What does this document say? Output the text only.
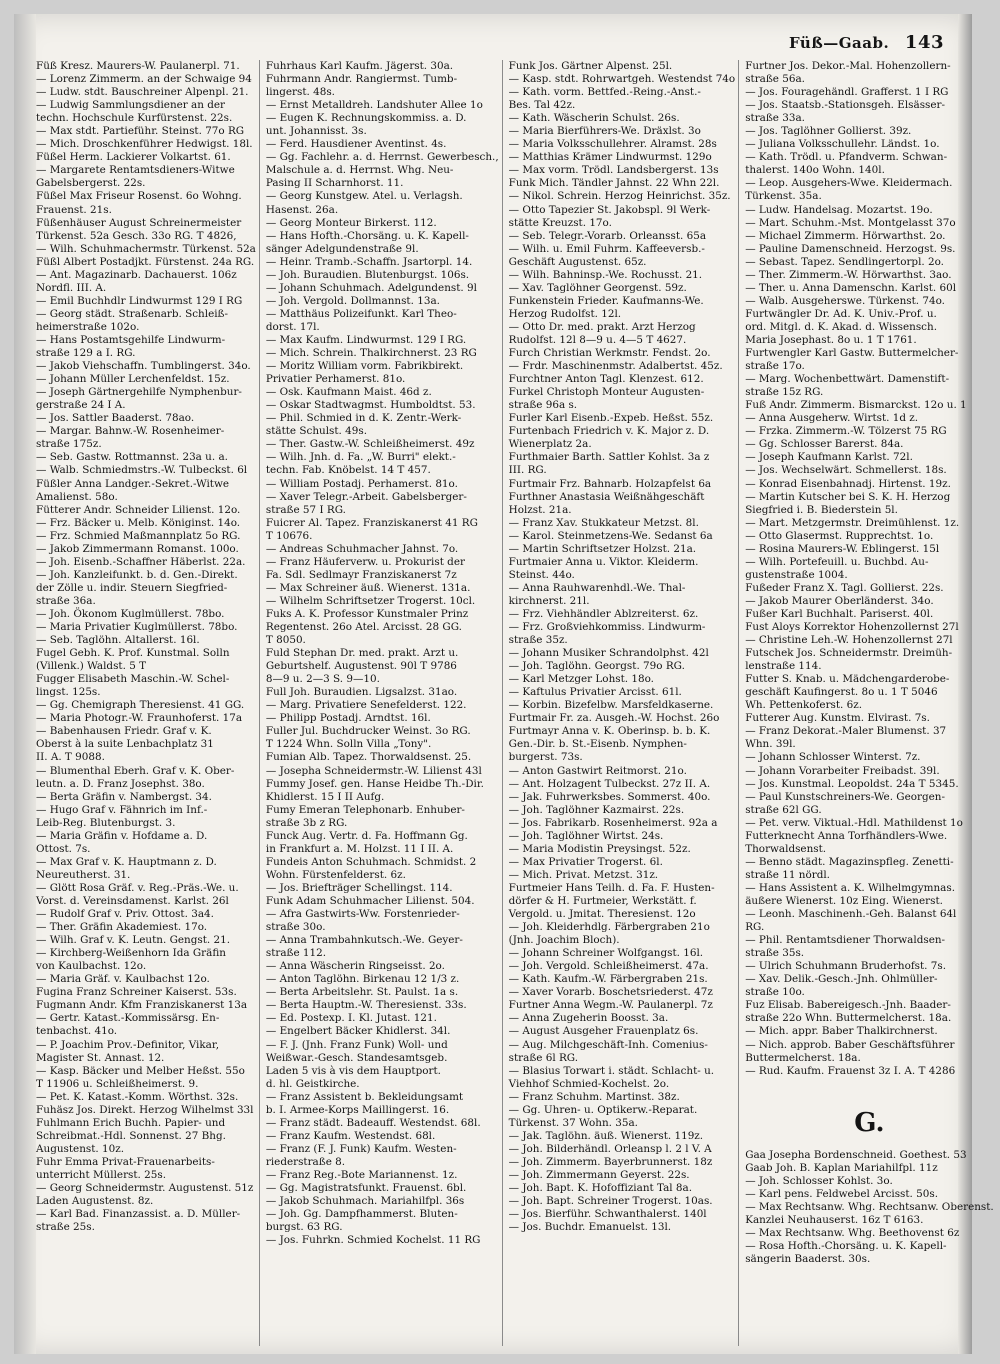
Füß—Gaab. 143
Füß Kresz. Maurers-W. Paulanerpl. 71.
— Lorenz Zimmerm. an der Schwaige 94
— Ludw. stdt. Bauschreiner Alpenpl. 21.
— Ludwig Sammlungsdiener an der
techn. Hochschule Kurfürstenst. 22s.
— Max stdt. Partieführ. Steinst. 77o RG
— Mich. Droschkenführer Hedwigst. 18l.
Füßel Herm. Lackierer Volkartst. 61.
— Margarete Rentamtsdieners-Witwe
Gabelsbergerst. 22s.
Füßel Max Friseur Rosenst. 6o Wohng.
Frauenst. 21s.
Füßenhäuser August Schreinermeister
Türkenst. 52a Gesch. 33o RG. T 4826,
— Wilh. Schuhmachermstr. Türkenst. 52a
Füßl Albert Postadjkt. Fürstenst. 24a RG.
— Ant. Magazinarb. Dachauerst. 106z
Nordfl. III. A.
— Emil Buchhdlr Lindwurmst 129 I RG
— Georg städt. Straßenarb. Schleiß-
heimerstraße 102o.
— Hans Postamtsgehilfe Lindwurm-
straße 129 a I. RG.
— Jakob Viehschaffn. Tumblingerst. 34o.
— Johann Müller Lerchenfeldst. 15z.
— Joseph Gärtnergehilfe Nymphenbur-
gerstraße 24 I A.
— Jos. Sattler Baaderst. 78ao.
— Margar. Bahnw.-W. Rosenheimer-
straße 175z.
— Seb. Gastw. Rottmannst. 23a u. a.
— Walb. Schmiedmstrs.-W. Tulbeckst. 6l
Füßler Anna Landger.-Sekret.-Witwe
Amalienst. 58o.
Fütterer Andr. Schneider Lilienst. 12o.
— Frz. Bäcker u. Melb. Königinst. 14o.
— Frz. Schmied Maßmannplatz 5o RG.
— Jakob Zimmermann Romanst. 100o.
— Joh. Eisenb.-Schaffner Häberlst. 22a.
— Joh. Kanzleifunkt. b. d. Gen.-Direkt.
der Zölle u. indir. Steuern Siegfried-
straße 36a.
— Joh. Ökonom Kuglmüllerst. 78bo.
— Maria Privatier Kuglmüllerst. 78bo.
— Seb. Taglöhn. Altallerst. 16l.
Fugel Gebh. K. Prof. Kunstmal. Solln
(Villenk.) Waldst. 5 T
Fugger Elisabeth Maschin.-W. Schel-
lingst. 125s.
— Gg. Chemigraph Theresienst. 41 GG.
— Maria Photogr.-W. Fraunhoferst. 17a
— Babenhausen Friedr. Graf v. K.
Oberst à la suite Lenbachplatz 31
II. A. T 9088.
— Blumenthal Eberh. Graf v. K. Ober-
leutn. a. D. Franz Josephst. 38o.
— Berta Gräfin v. Nambergst. 34.
— Hugo Graf v. Fähnrich im Inf.-
Leib-Reg. Blutenburgst. 3.
— Maria Gräfin v. Hofdame a. D.
Ottost. 7s.
— Max Graf v. K. Hauptmann z. D.
Neureutherst. 31.
— Glött Rosa Gräf. v. Reg.-Präs.-We. u.
Vorst. d. Vereinsdamenst. Karlst. 26l
— Rudolf Graf v. Priv. Ottost. 3a4.
— Ther. Gräfin Akademiest. 17o.
— Wilh. Graf v. K. Leutn. Gengst. 21.
— Kirchberg-Weißenhorn Ida Gräfin
von Kaulbachst. 12o.
— Maria Gräf. v. Kaulbachst 12o.
Fugina Franz Schreiner Kaiserst. 53s.
Fugmann Andr. Kfm Franziskanerst 13a
— Gertr. Katast.-Kommissärsg. En-
tenbachst. 41o.
— P. Joachim Prov.-Definitor, Vikar,
Magister St. Annast. 12.
— Kasp. Bäcker und Melber Heßst. 55o
T 11906 u. Schleißheimerst. 9.
— Pet. K. Katast.-Komm. Wörthst. 32s.
Fuhäsz Jos. Direkt. Herzog Wilhelmst 33l
Fuhlmann Erich Buchh. Papier- und
Schreibmat.-Hdl. Sonnenst. 27 Bhg.
Augustenst. 10z.
Fuhr Emma Privat-Frauenarbeits-
unterricht Müllerst. 25s.
— Georg Schneidermstr. Augustenst. 51z
Laden Augustenst. 8z.
— Karl Bad. Finanzassist. a. D. Müller-
straße 25s.
Fuhrhaus Karl Kaufm. Jägerst. 30a.
Fuhrmann Andr. Rangiermst. Tumb-
lingerst. 48s.
— Ernst Metalldreh. Landshuter Allee 1o
— Eugen K. Rechnungskommiss. a. D.
unt. Johannisst. 3s.
— Ferd. Hausdiener Aventinst. 4s.
— Gg. Fachlehr. a. d. Herrnst. Gewerbesch.,
Malschule a. d. Herrnst. Whg. Neu-
Pasing II Scharnhorst. 11.
— Georg Kunstgew. Atel. u. Verlagsh.
Hasenst. 26a.
— Georg Monteur Birkerst. 112.
— Hans Hofth.-Chorsäng. u. K. Kapell-
sänger Adelgundenstraße 9l.
— Heinr. Tramb.-Schaffn. Jsartorpl. 14.
— Joh. Buraudien. Blutenburgst. 106s.
— Johann Schuhmach. Adelgundenst. 9l
— Joh. Vergold. Dollmannst. 13a.
— Matthäus Polizeifunkt. Karl Theo-
dorst. 17l.
— Max Kaufm. Lindwurmst. 129 I RG.
— Mich. Schrein. Thalkirchnerst. 23 RG
— Moritz William vorm. Fabrikbirekt.
Privatier Perhamerst. 81o.
— Osk. Kaufmann Maist. 46d z.
— Oskar Stadtwagmst. Humboldtst. 53.
— Phil. Schmied in d. K. Zentr.-Werk-
stätte Schulst. 49s.
— Ther. Gastw.-W. Schleißheimerst. 49z
— Wilh. Jnh. d. Fa. „W. Burri" elekt.-
techn. Fab. Knöbelst. 14 T 457.
— William Postadj. Perhamerst. 81o.
— Xaver Telegr.-Arbeit. Gabelsberger-
straße 57 I RG.
Fuicrer Al. Tapez. Franziskanerst 41 RG
T 10676.
— Andreas Schuhmacher Jahnst. 7o.
— Franz Häuferverw. u. Prokurist der
Fa. Sdl. Sedlmayr Franziskanerst 7z
— Max Schreiner äuß. Wienerst. 131a.
— Wilhelm Schriftsetzer Trogerst. 10cl.
Fuks A. K. Professor Kunstmaler Prinz
Regentenst. 26o Atel. Arcisst. 28 GG.
T 8050.
Fuld Stephan Dr. med. prakt. Arzt u.
Geburtshelf. Augustenst. 90l T 9786
8—9 u. 2—3 S. 9—10.
Full Joh. Buraudien. Ligsalzst. 31ao.
— Marg. Privatiere Senefelderst. 122.
— Philipp Postadj. Arndtst. 16l.
Fuller Jul. Buchdrucker Weinst. 3o RG.
T 1224 Whn. Solln Villa „Tony".
Fumian Alb. Tapez. Thorwaldsenst. 25.
— Josepha Schneidermstr.-W. Lilienst 43l
Fummy Josef. gen. Hanse Heidbe Th.-Dir.
Khidlerst. 15 I II Aufg.
Fumy Emeran Telephonarb. Enhuber-
straße 3b z RG.
Funck Aug. Vertr. d. Fa. Hoffmann Gg.
in Frankfurt a. M. Holzst. 11 I II. A.
Fundeis Anton Schuhmach. Schmidst. 2
Wohn. Fürstenfelderst. 6z.
— Jos. Briefträger Schellingst. 114.
Funk Adam Schuhmacher Lilienst. 504.
— Afra Gastwirts-Ww. Forstenrieder-
straße 30o.
— Anna Trambahnkutsch.-We. Geyer-
straße 112.
— Anna Wäscherin Ringseisst. 2o.
— Anton Taglöhn. Birkenau 12 1/3 z.
— Berta Arbeitslehr. St. Paulst. 1a s.
— Berta Hauptm.-W. Theresienst. 33s.
— Ed. Postexp. I. Kl. Jutast. 121.
— Engelbert Bäcker Khidlerst. 34l.
— F. J. (Jnh. Franz Funk) Woll- und
Weißwar.-Gesch. Standesamtsgeb.
Laden 5 vis à vis dem Hauptport.
d. hl. Geistkirche.
— Franz Assistent b. Bekleidungsamt
b. I. Armee-Korps Maillingerst. 16.
— Franz städt. Badeauff. Westendst. 68l.
— Franz Kaufm. Westendst. 68l.
— Franz (F. J. Funk) Kaufm. Westen-
riederstraße 8.
— Franz Reg.-Bote Mariannenst. 1z.
— Gg. Magistratsfunkt. Frauenst. 6bl.
— Jakob Schuhmach. Mariahilfpl. 36s
— Joh. Gg. Dampfhammerst. Bluten-
burgst. 63 RG.
— Jos. Fuhrkn. Schmied Kochelst. 11 RG
Funk Jos. Gärtner Alpenst. 25l.
— Kasp. stdt. Rohrwartgeh. Westendst 74o
— Kath. vorm. Bettfed.-Reing.-Anst.-
Bes. Tal 42z.
— Kath. Wäscherin Schulst. 26s.
— Maria Bierführers-We. Dräxlst. 3o
— Maria Volksschullehrer. Alramst. 28s
— Matthias Krämer Lindwurmst. 129o
— Max vorm. Trödl. Landsbergerst. 13s
Funk Mich. Tändler Jahnst. 22 Whn 22l.
— Nikol. Schrein. Herzog Heinrichst. 35z.
— Otto Tapezier St. Jakobspl. 9l Werk-
stätte Kreuzst. 17o.
— Seb. Telegr.-Vorarb. Orleansst. 65a
— Wilh. u. Emil Fuhrm. Kaffeeversb.-
Geschäft Augustenst. 65z.
— Wilh. Bahninsp.-We. Rochusst. 21.
— Xav. Taglöhner Georgenst. 59z.
Funkenstein Frieder. Kaufmanns-We.
Herzog Rudolfst. 12l.
— Otto Dr. med. prakt. Arzt Herzog
Rudolfst. 12l 8—9 u. 4—5 T 4627.
Furch Christian Werkmstr. Fendst. 2o.
— Frdr. Maschinenmstr. Adalbertst. 45z.
Furchtner Anton Tagl. Klenzest. 612.
Furkel Christoph Monteur Augusten-
straße 96a s.
Furler Karl Eisenb.-Expeb. Heßst. 55z.
Furtenbach Friedrich v. K. Major z. D.
Wienerplatz 2a.
Furthmaier Barth. Sattler Kohlst. 3a z
III. RG.
Furtmair Frz. Bahnarb. Holzapfelst 6a
Furthner Anastasia Weißnähgeschäft
Holzst. 21a.
— Franz Xav. Stukkateur Metzst. 8l.
— Karol. Steinmetzens-We. Sedanst 6a
— Martin Schriftsetzer Holzst. 21a.
Furtmaier Anna u. Viktor. Kleiderm.
Steinst. 44o.
— Anna Rauhwarenhdl.-We. Thal-
kirchnerst. 21l.
— Frz. Viehhändler Ablzreiterst. 6z.
— Frz. Großviehkommiss. Lindwurm-
straße 35z.
— Johann Musiker Schrandolphst. 42l
— Joh. Taglöhn. Georgst. 79o RG.
— Karl Metzger Lohst. 18o.
— Kaftulus Privatier Arcisst. 61l.
— Korbin. Bizefelbw. Marsfeldkaserne.
Furtmair Fr. za. Ausgeh.-W. Hochst. 26o
Furtmayr Anna v. K. Oberinsp. b. b. K.
Gen.-Dir. b. St.-Eisenb. Nymphen-
burgerst. 73s.
— Anton Gastwirt Reitmorst. 21o.
— Ant. Holzagent Tulbeckst. 27z II. A.
— Jak. Fuhrwerksbes. Sommerst. 40o.
— Joh. Taglöhner Kazmairst. 22s.
— Jos. Fabrikarb. Rosenheimerst. 92a a
— Joh. Taglöhner Wirtst. 24s.
— Maria Modistin Preysingst. 52z.
— Max Privatier Trogerst. 6l.
— Mich. Privat. Metzst. 31z.
Furtmeier Hans Teilh. d. Fa. F. Husten-
dörfer & H. Furtmeier, Werkstätt. f.
Vergold. u. Jmitat. Theresienst. 12o
— Joh. Kleiderhdlg. Färbergraben 21o
(Jnh. Joachim Bloch).
— Johann Schreiner Wolfgangst. 16l.
— Joh. Vergold. Schleißheimerst. 47a.
— Kath. Kaufm.-W. Färbergraben 21s.
— Xaver Vorarb. Boschetsriederst. 47z
Furtner Anna Wegm.-W. Paulanerpl. 7z
— Anna Zugeherin Boosst. 3a.
— August Ausgeher Frauenplatz 6s.
— Aug. Milchgeschäft-Inh. Comenius-
straße 6l RG.
— Blasius Torwart i. städt. Schlacht- u.
Viehhof Schmied-Kochelst. 2o.
— Franz Schuhm. Martinst. 38z.
— Gg. Uhren- u. Optikerw.-Reparat.
Türkenst. 37 Wohn. 35a.
— Jak. Taglöhn. äuß. Wienerst. 119z.
— Joh. Bilderhändl. Orleansp l. 2 l V. A
— Joh. Zimmerm. Bayerbrunnerst. 18z
— Joh. Zimmermann Geyerst. 22s.
— Joh. Bapt. K. Hofoffiziant Tal 8a.
— Joh. Bapt. Schreiner Trogerst. 10as.
— Jos. Bierführ. Schwanthalerst. 140l
— Jos. Buchdr. Emanuelst. 13l.
Furtner Jos. Dekor.-Mal. Hohenzollern-
straße 56a.
— Jos. Fouragehändl. Grafferst. 1 I RG
— Jos. Staatsb.-Stationsgeh. Elsässer-
straße 33a.
— Jos. Taglöhner Gollierst. 39z.
— Juliana Volksschullehr. Ländst. 1o.
— Kath. Trödl. u. Pfandverm. Schwan-
thalerst. 140o Wohn. 140l.
— Leop. Ausgehers-Wwe. Kleidermach.
Türkenst. 35a.
— Ludw. Handelsag. Mozartst. 19o.
— Mart. Schuhm.-Mst. Montgelasst 37o
— Michael Zimmerm. Hörwarthst. 2o.
— Pauline Damenschneid. Herzogst. 9s.
— Sebast. Tapez. Sendlingertorpl. 2o.
— Ther. Zimmerm.-W. Hörwarthst. 3ao.
— Ther. u. Anna Damenschn. Karlst. 60l
— Walb. Ausgeherswe. Türkenst. 74o.
Furtwängler Dr. Ad. K. Univ.-Prof. u.
ord. Mitgl. d. K. Akad. d. Wissensch.
Maria Josephast. 8o u. 1 T 1761.
Furtwengler Karl Gastw. Buttermelcher-
straße 17o.
— Marg. Wochenbettwärt. Damenstift-
straße 15z RG.
Fuß Andr. Zimmerm. Bismarckst. 12o u. 1
— Anna Ausgeherw. Wirtst. 1d z.
— Frzka. Zimmerm.-W. Tölzerst 75 RG
— Gg. Schlosser Barerst. 84a.
— Joseph Kaufmann Karlst. 72l.
— Jos. Wechselwärt. Schmellerst. 18s.
— Konrad Eisenbahnadj. Hirtenst. 19z.
— Martin Kutscher bei S. K. H. Herzog
Siegfried i. B. Biederstein 5l.
— Mart. Metzgermstr. Dreimühlenst. 1z.
— Otto Glasermst. Rupprechtst. 1o.
— Rosina Maurers-W. Eblingerst. 15l
— Wilh. Portefeuill. u. Buchbd. Au-
gustenstraße 1004.
Fußeder Franz X. Tagl. Gollierst. 22s.
— Jakob Maurer Oberländerst. 34o.
Fußer Karl Buchhalt. Pariserst. 40l.
Fust Aloys Korrektor Hohenzollernst 27l
— Christine Leh.-W. Hohenzollernst 27l
Futschek Jos. Schneidermstr. Dreimüh-
lenstraße 114.
Futter S. Knab. u. Mädchengarderobe-
geschäft Kaufingerst. 8o u. 1 T 5046
Wh. Pettenkoferst. 6z.
Futterer Aug. Kunstm. Elvirast. 7s.
— Franz Dekorat.-Maler Blumenst. 37
Whn. 39l.
— Johann Schlosser Winterst. 7z.
— Johann Vorarbeiter Freibadst. 39l.
— Jos. Kunstmal. Leopoldst. 24a T 5345.
— Paul Kunstschreiners-We. Georgen-
straße 62l GG.
— Pet. verw. Viktual.-Hdl. Mathildenst 1o
Futterknecht Anna Torfhändlers-Wwe.
Thorwaldsenst.
— Benno städt. Magazinspfleg. Zenetti-
straße 11 nördl.
— Hans Assistent a. K. Wilhelmgymnas.
äußere Wienerst. 10z Eing. Wienerst.
— Leonh. Maschinenh.-Geh. Balanst 64l
RG.
— Phil. Rentamtsdiener Thorwaldsen-
straße 35s.
— Ulrich Schuhmann Bruderhofst. 7s.
— Xav. Delik.-Gesch.-Jnh. Ohlmüller-
straße 10o.
Fuz Elisab. Babereigesch.-Jnh. Baader-
straße 22o Whn. Buttermelcherst. 18a.
— Mich. appr. Baber Thalkirchnerst.
— Nich. approb. Baber Geschäftsführer
Buttermelcherst. 18a.
— Rud. Kaufm. Frauenst 3z I. A. T 4286

G.
Gaa Josepha Bordenschneid. Goethest. 53
Gaab Joh. B. Kaplan Mariahilfpl. 11z
— Joh. Schlosser Kohlst. 3o.
— Karl pens. Feldwebel Arcisst. 50s.
— Max Rechtsanw. Whg. Rechtsanw. Oberenst.
Kanzlei Neuhauserst. 16z T 6163.
— Max Rechtsanw. Whg. Beethovenst 6z
— Rosa Hofth.-Chorsäng. u. K. Kapell-
sängerin Baaderst. 30s.
